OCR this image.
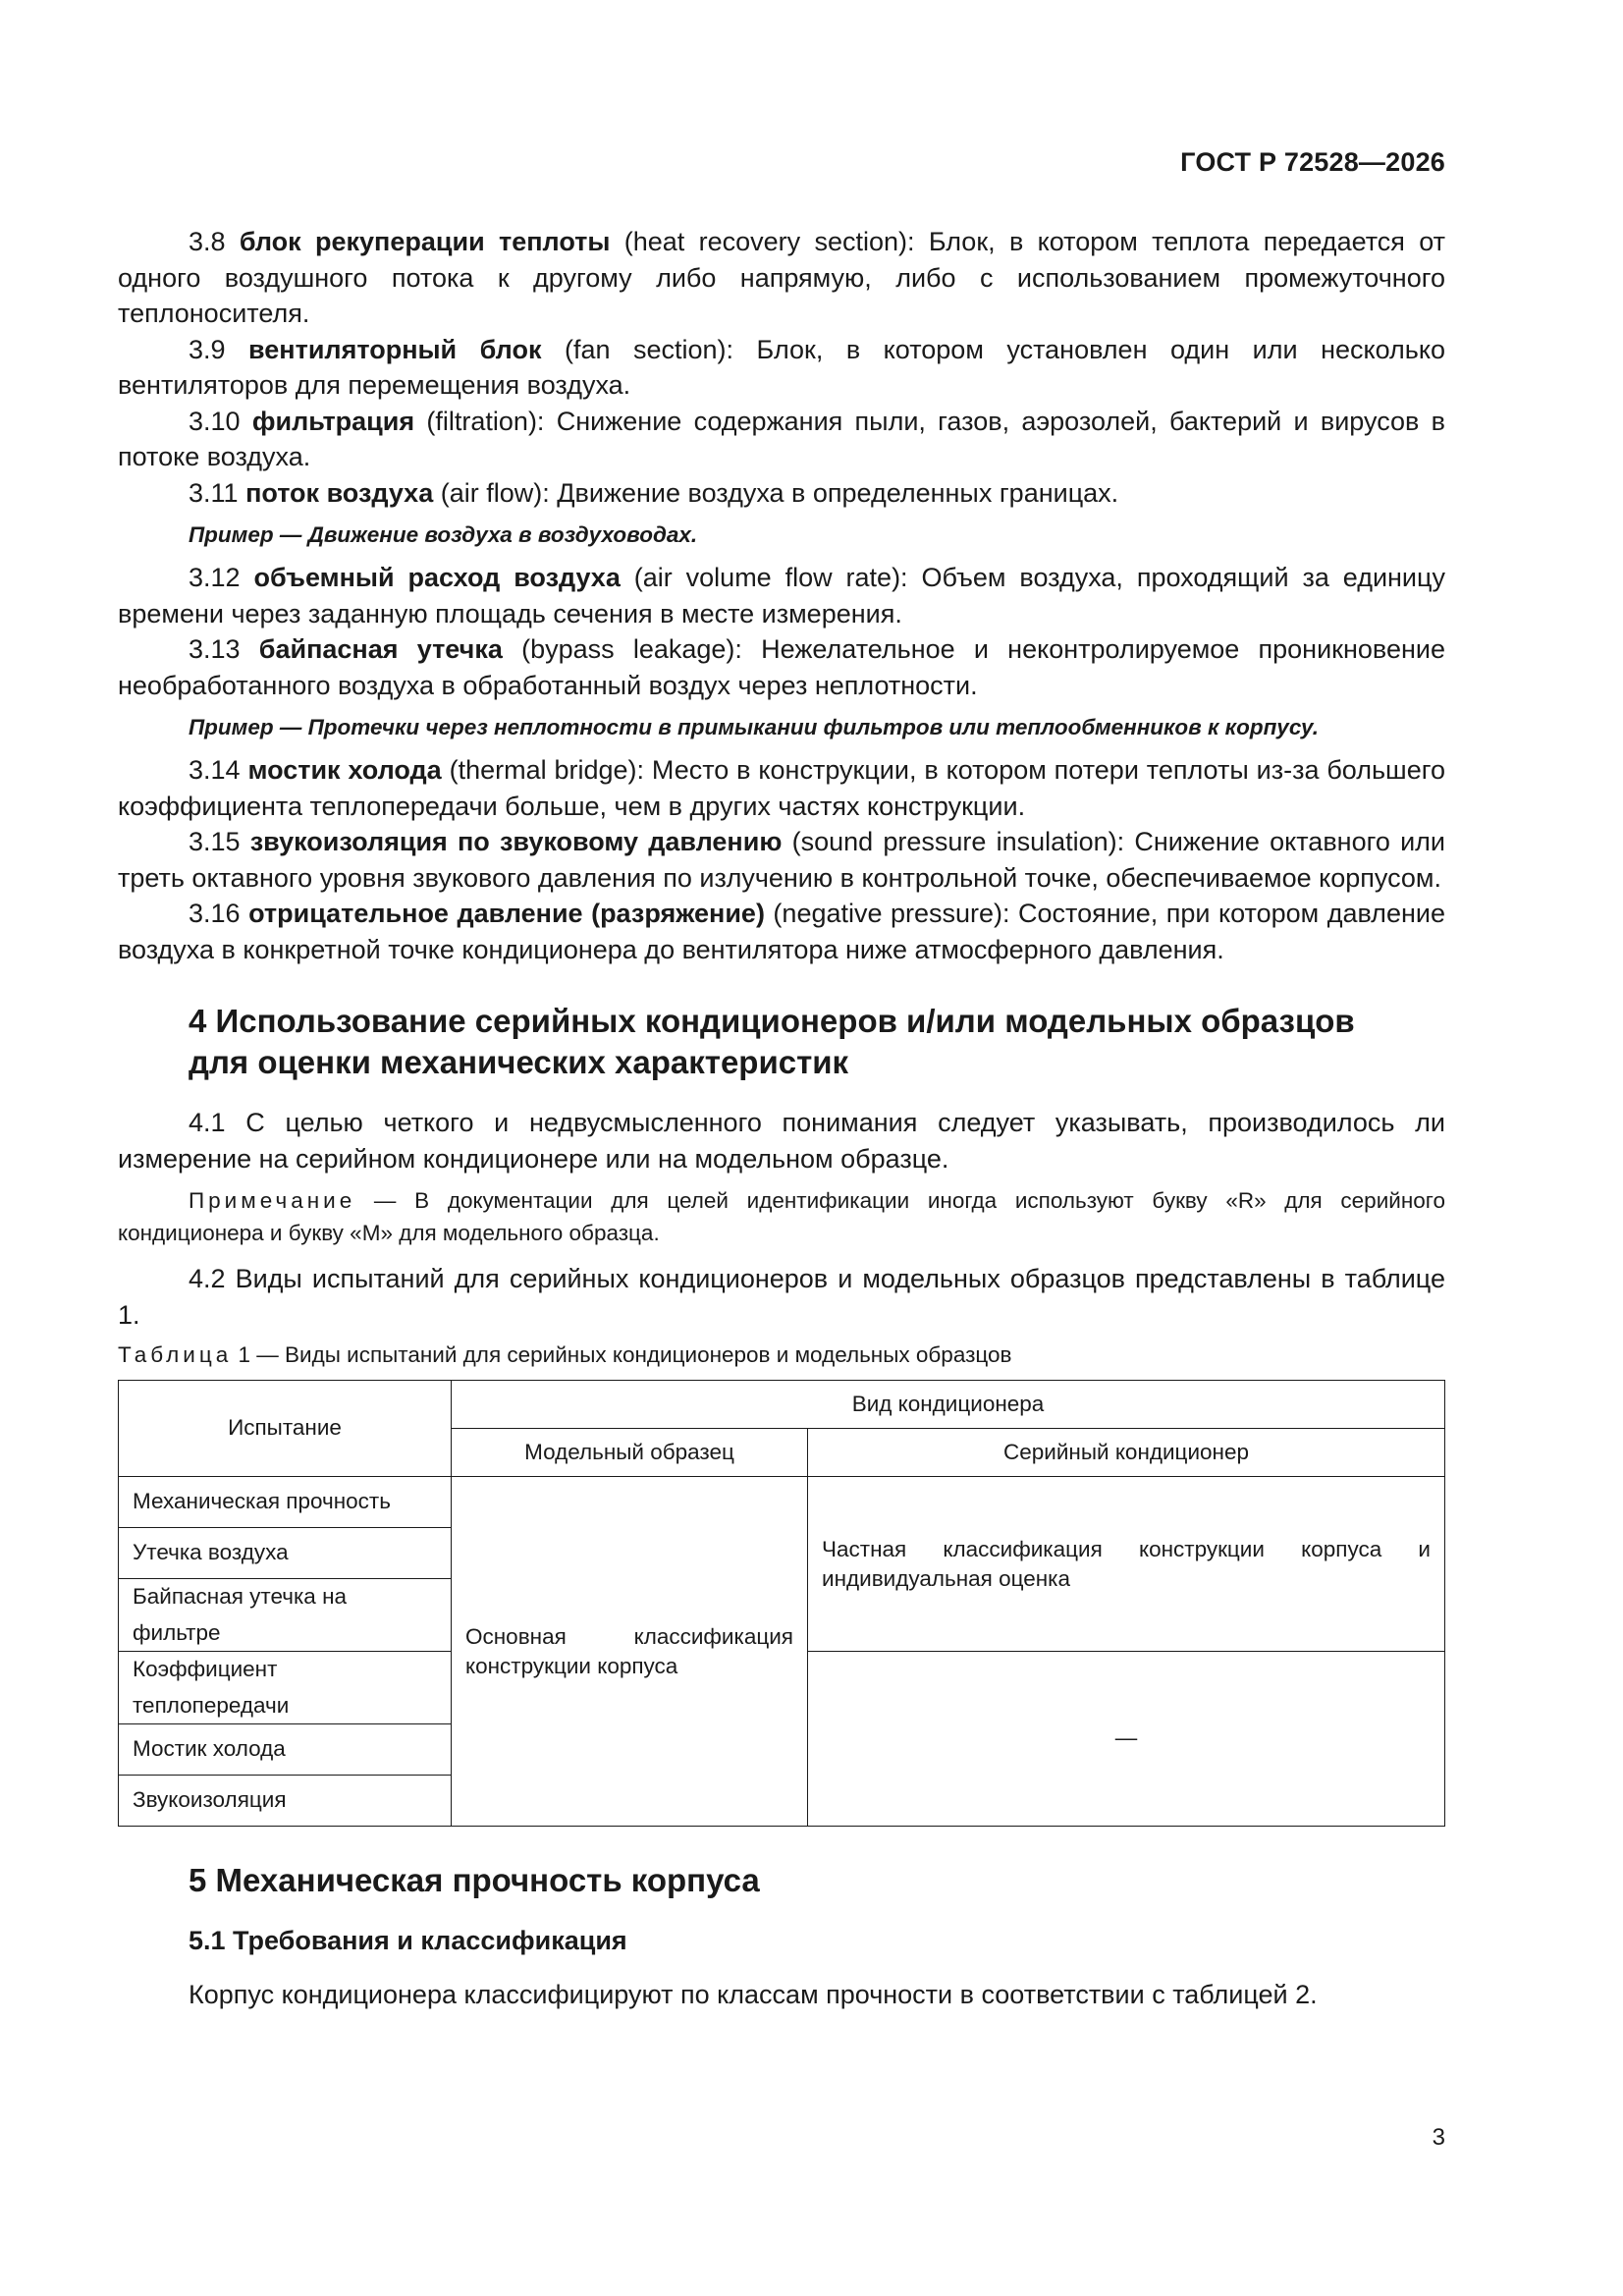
ГОСТ Р 72528—2026

3.8 блок рекуперации теплоты (heat recovery section): Блок, в котором теплота передается от одного воздушного потока к другому либо напрямую, либо с использованием промежуточного теплоносителя.

3.9 вентиляторный блок (fan section): Блок, в котором установлен один или несколько вентиляторов для перемещения воздуха.

3.10 фильтрация (filtration): Снижение содержания пыли, газов, аэрозолей, бактерий и вирусов в потоке воздуха.

3.11 поток воздуха (air flow): Движение воздуха в определенных границах.

Пример — Движение воздуха в воздуховодах.

3.12 объемный расход воздуха (air volume flow rate): Объем воздуха, проходящий за единицу времени через заданную площадь сечения в месте измерения.

3.13 байпасная утечка (bypass leakage): Нежелательное и неконтролируемое проникновение необработанного воздуха в обработанный воздух через неплотности.

Пример — Протечки через неплотности в примыкании фильтров или теплообменников к корпусу.

3.14 мостик холода (thermal bridge): Место в конструкции, в котором потери теплоты из-за большего коэффициента теплопередачи больше, чем в других частях конструкции.

3.15 звукоизоляция по звуковому давлению (sound pressure insulation): Снижение октавного или треть октавного уровня звукового давления по излучению в контрольной точке, обеспечиваемое корпусом.

3.16 отрицательное давление (разряжение) (negative pressure): Состояние, при котором давление воздуха в конкретной точке кондиционера до вентилятора ниже атмосферного давления.

4 Использование серийных кондиционеров и/или модельных образцов
для оценки механических характеристик

4.1 С целью четкого и недвусмысленного понимания следует указывать, производилось ли измерение на серийном кондиционере или на модельном образце.

Примечание — В документации для целей идентификации иногда используют букву «R» для серийного кондиционера и букву «M» для модельного образца.

4.2 Виды испытаний для серийных кондиционеров и модельных образцов представлены в таблице 1.

Таблица 1 — Виды испытаний для серийных кондиционеров и модельных образцов
Испытание	Вид кондиционера	
	Модельный образец	Серийный кондиционер
Механическая прочность	Основная классификация конструкции корпуса	Частная классификация конструкции корпуса и индивидуальная оценка
Утечка воздуха		
Байпасная утечка на фильтре		
Коэффициент теплопередачи		—
Мостик холода		
Звукоизоляция		
5 Механическая прочность корпуса
5.1 Требования и классификация

Корпус кондиционера классифицируют по классам прочности в соответствии с таблицей 2.

3
